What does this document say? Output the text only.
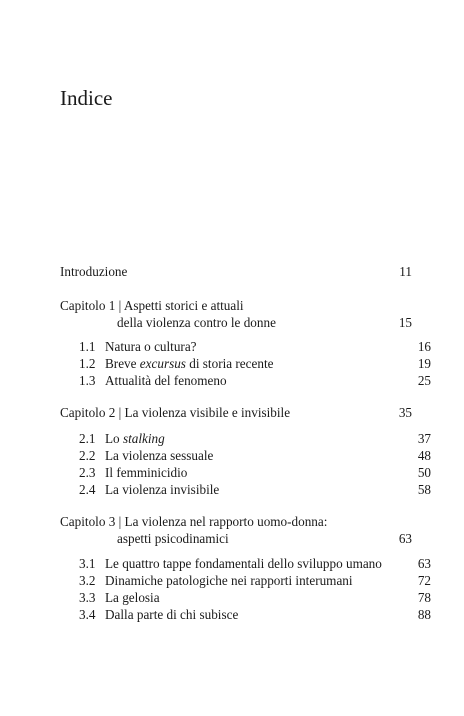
Indice
Introduzione	11
Capitolo 1 | Aspetti storici e attuali
della violenza contro le donne	15
1.1 Natura o cultura?	16
1.2 Breve excursus di storia recente	19
1.3 Attualità del fenomeno	25
Capitolo 2 | La violenza visibile e invisibile	35
2.1 Lo stalking	37
2.2 La violenza sessuale	48
2.3 Il femminicidio	50
2.4 La violenza invisibile	58
Capitolo 3 | La violenza nel rapporto uomo-donna:
aspetti psicodinamici	63
3.1 Le quattro tappe fondamentali dello sviluppo umano	63
3.2 Dinamiche patologiche nei rapporti interumani	72
3.3 La gelosia	78
3.4 Dalla parte di chi subisce	88
